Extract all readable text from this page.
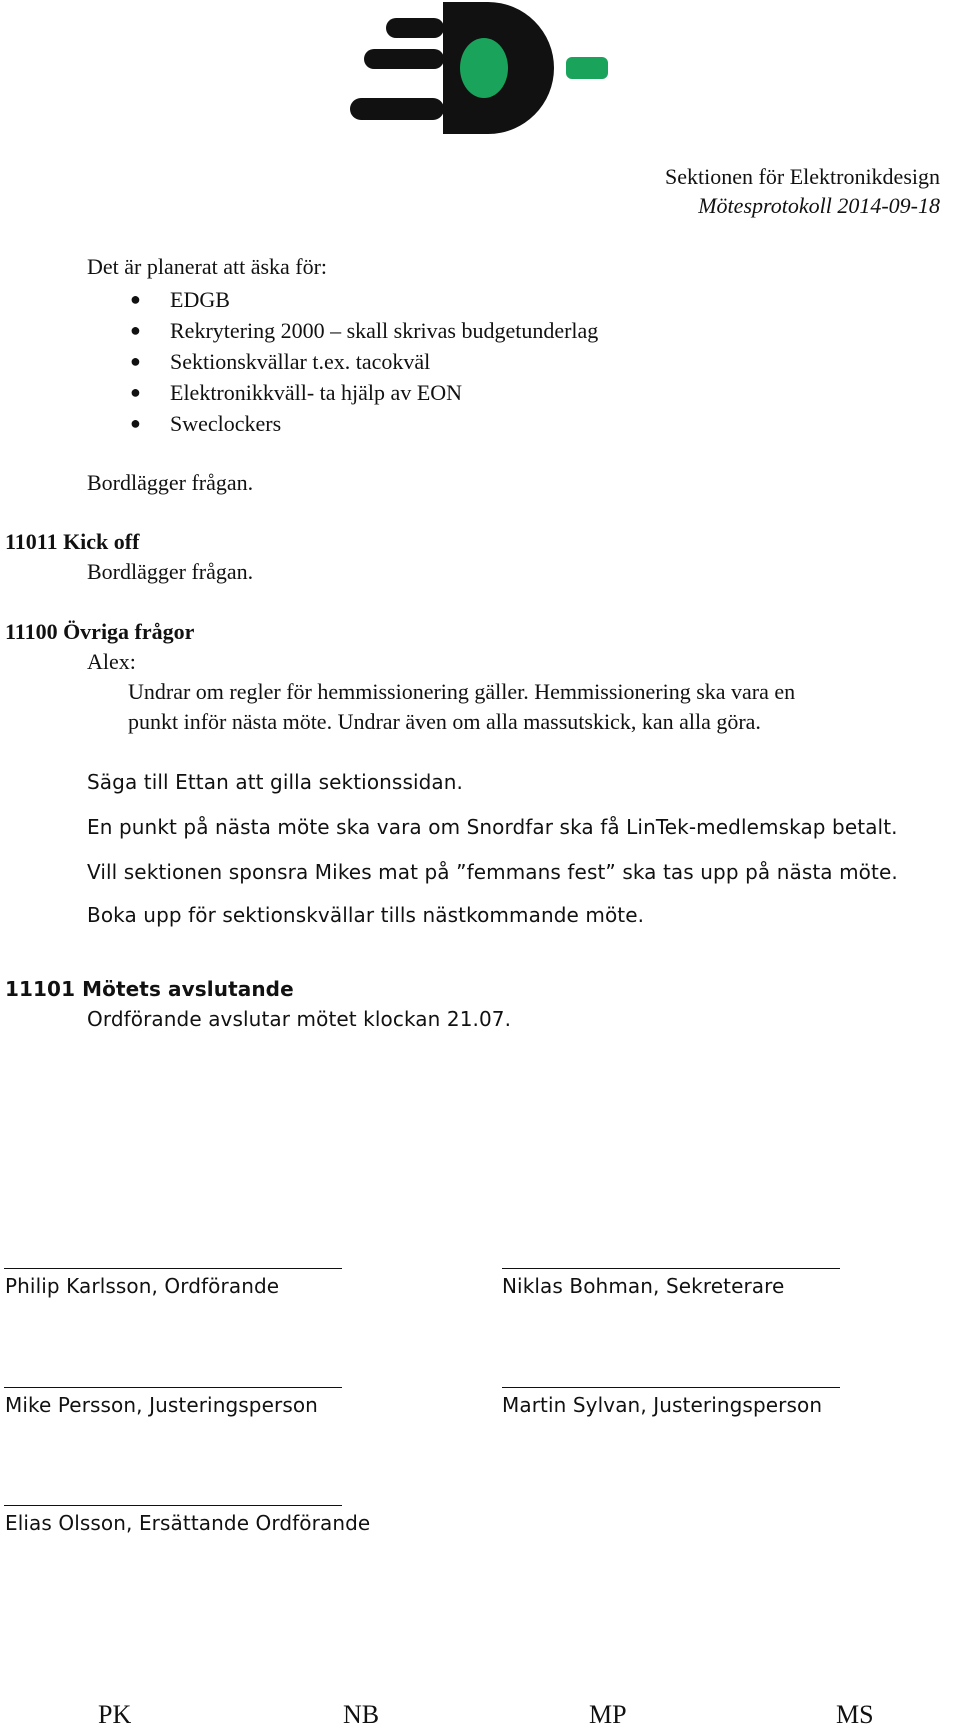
Sektionen för Elektronikdesign
Mötesprotokoll 2014-09-18
Det är planerat att äska för:
● EDGB
● Rekrytering 2000 – skall skrivas budgetunderlag
● Sektionskvällar t.ex. tacokväl
● Elektronikkväll- ta hjälp av EON
● Sweclockers
Bordlägger frågan.
11011 Kick off
Bordlägger frågan.
11100 Övriga frågor
Alex:
Undrar om regler för hemmissionering gäller. Hemmissionering ska vara en
punkt inför nästa möte. Undrar även om alla massutskick, kan alla göra.
Säga till Ettan att gilla sektionssidan.
En punkt på nästa möte ska vara om Snordfar ska få LinTek-medlemskap betalt.
Vill sektionen sponsra Mikes mat på ”femmans fest” ska tas upp på nästa möte.
Boka upp för sektionskvällar tills nästkommande möte.
11101 Mötets avslutande
Ordförande avslutar mötet klockan 21.07.
Philip Karlsson, Ordförande	Niklas Bohman, Sekreterare
Mike Persson, Justeringsperson	Martin Sylvan, Justeringsperson
Elias Olsson, Ersättande Ordförande
PK	NB	MP	MS
